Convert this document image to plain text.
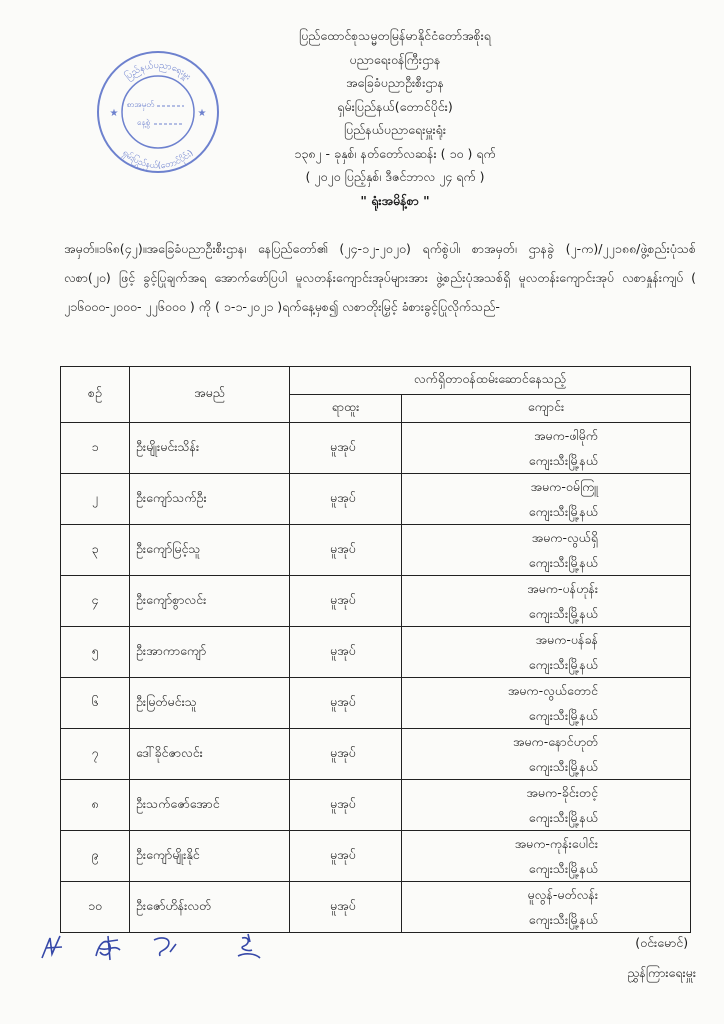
ပြည်နယ်ပညာရေးမှူး
ရှမ်းပြည်နယ်(တောင်ပိုင်း)
★	★
စာအမှတ်
နေ့စွဲ
ပြည်ထောင်စုသမ္မတမြန်မာနိုင်ငံတော်အစိုးရ
ပညာရေးဝန်ကြီးဌာန
အခြေခံပညာဦးစီးဌာန
ရှမ်းပြည်နယ်(တောင်ပိုင်း)
ပြည်နယ်ပညာရေးမှူးရုံး
၁၃၈၂ - ခုနှစ်၊ နတ်တော်လဆန်း ( ၁၀ ) ရက်
( ၂၀၂၀ ပြည့်နှစ်၊ ဒီဇင်ဘာလ ၂၄ ရက် )
" ရုံးအမိန့်စာ "

အမှတ်။၁၆၈(၄၂)။အခြေခံပညာဦးစီးဌာန၊ နေပြည်တော်၏ (၂၄-၁၂-၂၀၂၀) ရက်စွဲပါ၊ စာအမှတ်၊ ဌာနခွဲ (၂-က)/၂၂၁၈၈/ဖွဲ့စည်းပုံသစ်လစာ(၂၀) ဖြင့် ခွင့်ပြုချက်အရ အောက်ဖော်ပြပါ မူလတန်းကျောင်းအုပ်များအား ဖွဲ့စည်းပုံအသစ်ရှိ မူလတန်းကျောင်းအုပ် လစာနှုန်းကျပ် ( ၂၁၆၀၀၀-၂၀၀၀- ၂၂၆၀၀၀ ) ကို ( ၁-၁-၂၀၂၁ )ရက်နေ့မှစ၍ လစာတိုးမြှင့် ခံစားခွင့်ပြုလိုက်သည်-

စဉ်	အမည်	လက်ရှိတာဝန်ထမ်းဆောင်နေသည့်	
		ရာထူး	ကျောင်း
၁	ဦးမျိုးမင်းသိန်း	မူအုပ်	အမက-ဖါမိုက်
ကျေးသီးမြို့နယ်

၂	ဦးကျော်သက်ဦး	မူအုပ်	အမက-ဝမ်ကြူ
ကျေးသီးမြို့နယ်

၃	ဦးကျော်မြင့်သူ	မူအုပ်	အမက-လွယ်ရှိ
ကျေးသီးမြို့နယ်

၄	ဦးကျော်စွာလင်း	မူအုပ်	အမက-ပန်ဟုန်း
ကျေးသီးမြို့နယ်

၅	ဦးအာကာကျော်	မူအုပ်	အမက-ပန်ခန်
ကျေးသီးမြို့နယ်

၆	ဦးမြတ်မင်းသူ	မူအုပ်	အမက-လွယ်တောင်
ကျေးသီးမြို့နယ်

၇	ဒေါ်ခိုင်ဇာလင်း	မူအုပ်	အမက-နောင်ဟုတ်
ကျေးသီးမြို့နယ်

၈	ဦးသက်ဇော်အောင်	မူအုပ်	အမက-ခိုင်းတင့်
ကျေးသီးမြို့နယ်

၉	ဦးကျော်မျိုးနိုင်	မူအုပ်	အမက-ကုန်းပေါင်း
ကျေးသီးမြို့နယ်

၁၀	ဦးဇော်ဟိန်းလတ်	မူအုပ်	မူလွန်-မတ်လန်း
ကျေးသီးမြို့နယ်
(ဝင်းမောင်)
ညွှန်ကြားရေးမှူး
